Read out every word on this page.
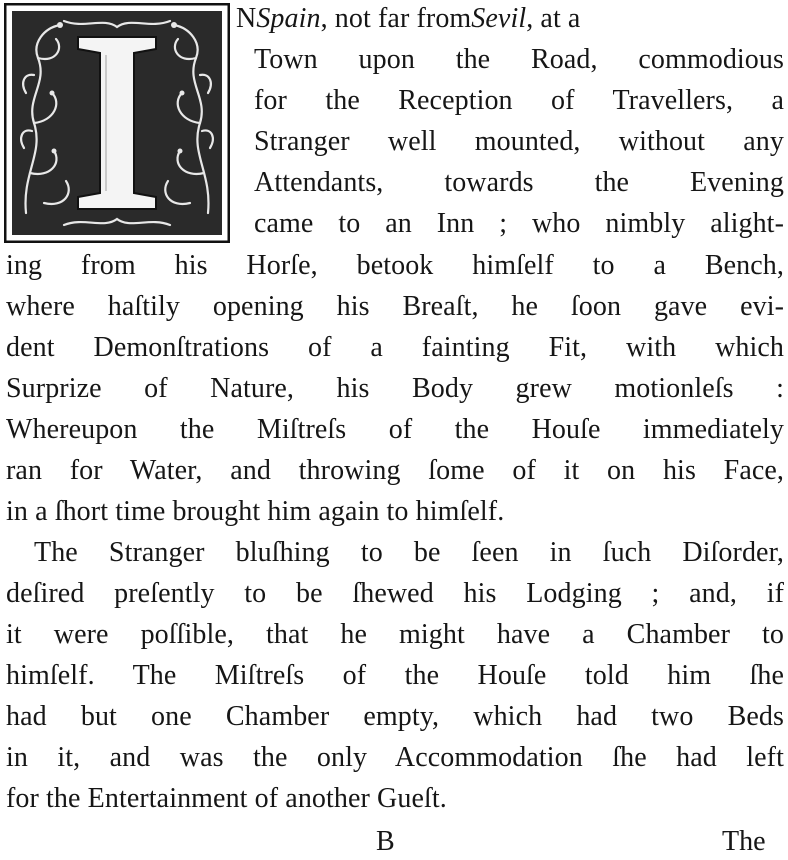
NSpain, not far fromSevil, at a
Town upon the Road, commodious
for the Reception of Travellers, a
Stranger well mounted, without any
Attendants, towards the Evening
came to an Inn ; who nimbly alight-
ing from his Horſe, betook himſelf to a Bench,
where haſtily opening his Breaſt, he ſoon gave evi-
dent Demonſtrations of a fainting Fit, with which
Surprize of Nature, his Body grew motionleſs :
Whereupon the Miſtreſs of the Houſe immediately
ran for Water, and throwing ſome of it on his Face,
in a ſhort time brought him again to himſelf.
The Stranger bluſhing to be ſeen in ſuch Diſorder,
deſired preſently to be ſhewed his Lodging ; and, if
it were poſſible, that he might have a Chamber to
himſelf. The Miſtreſs of the Houſe told him ſhe
had but one Chamber empty, which had two Beds
in it, and was the only Accommodation ſhe had left
for the Entertainment of another Gueſt.
B	The
